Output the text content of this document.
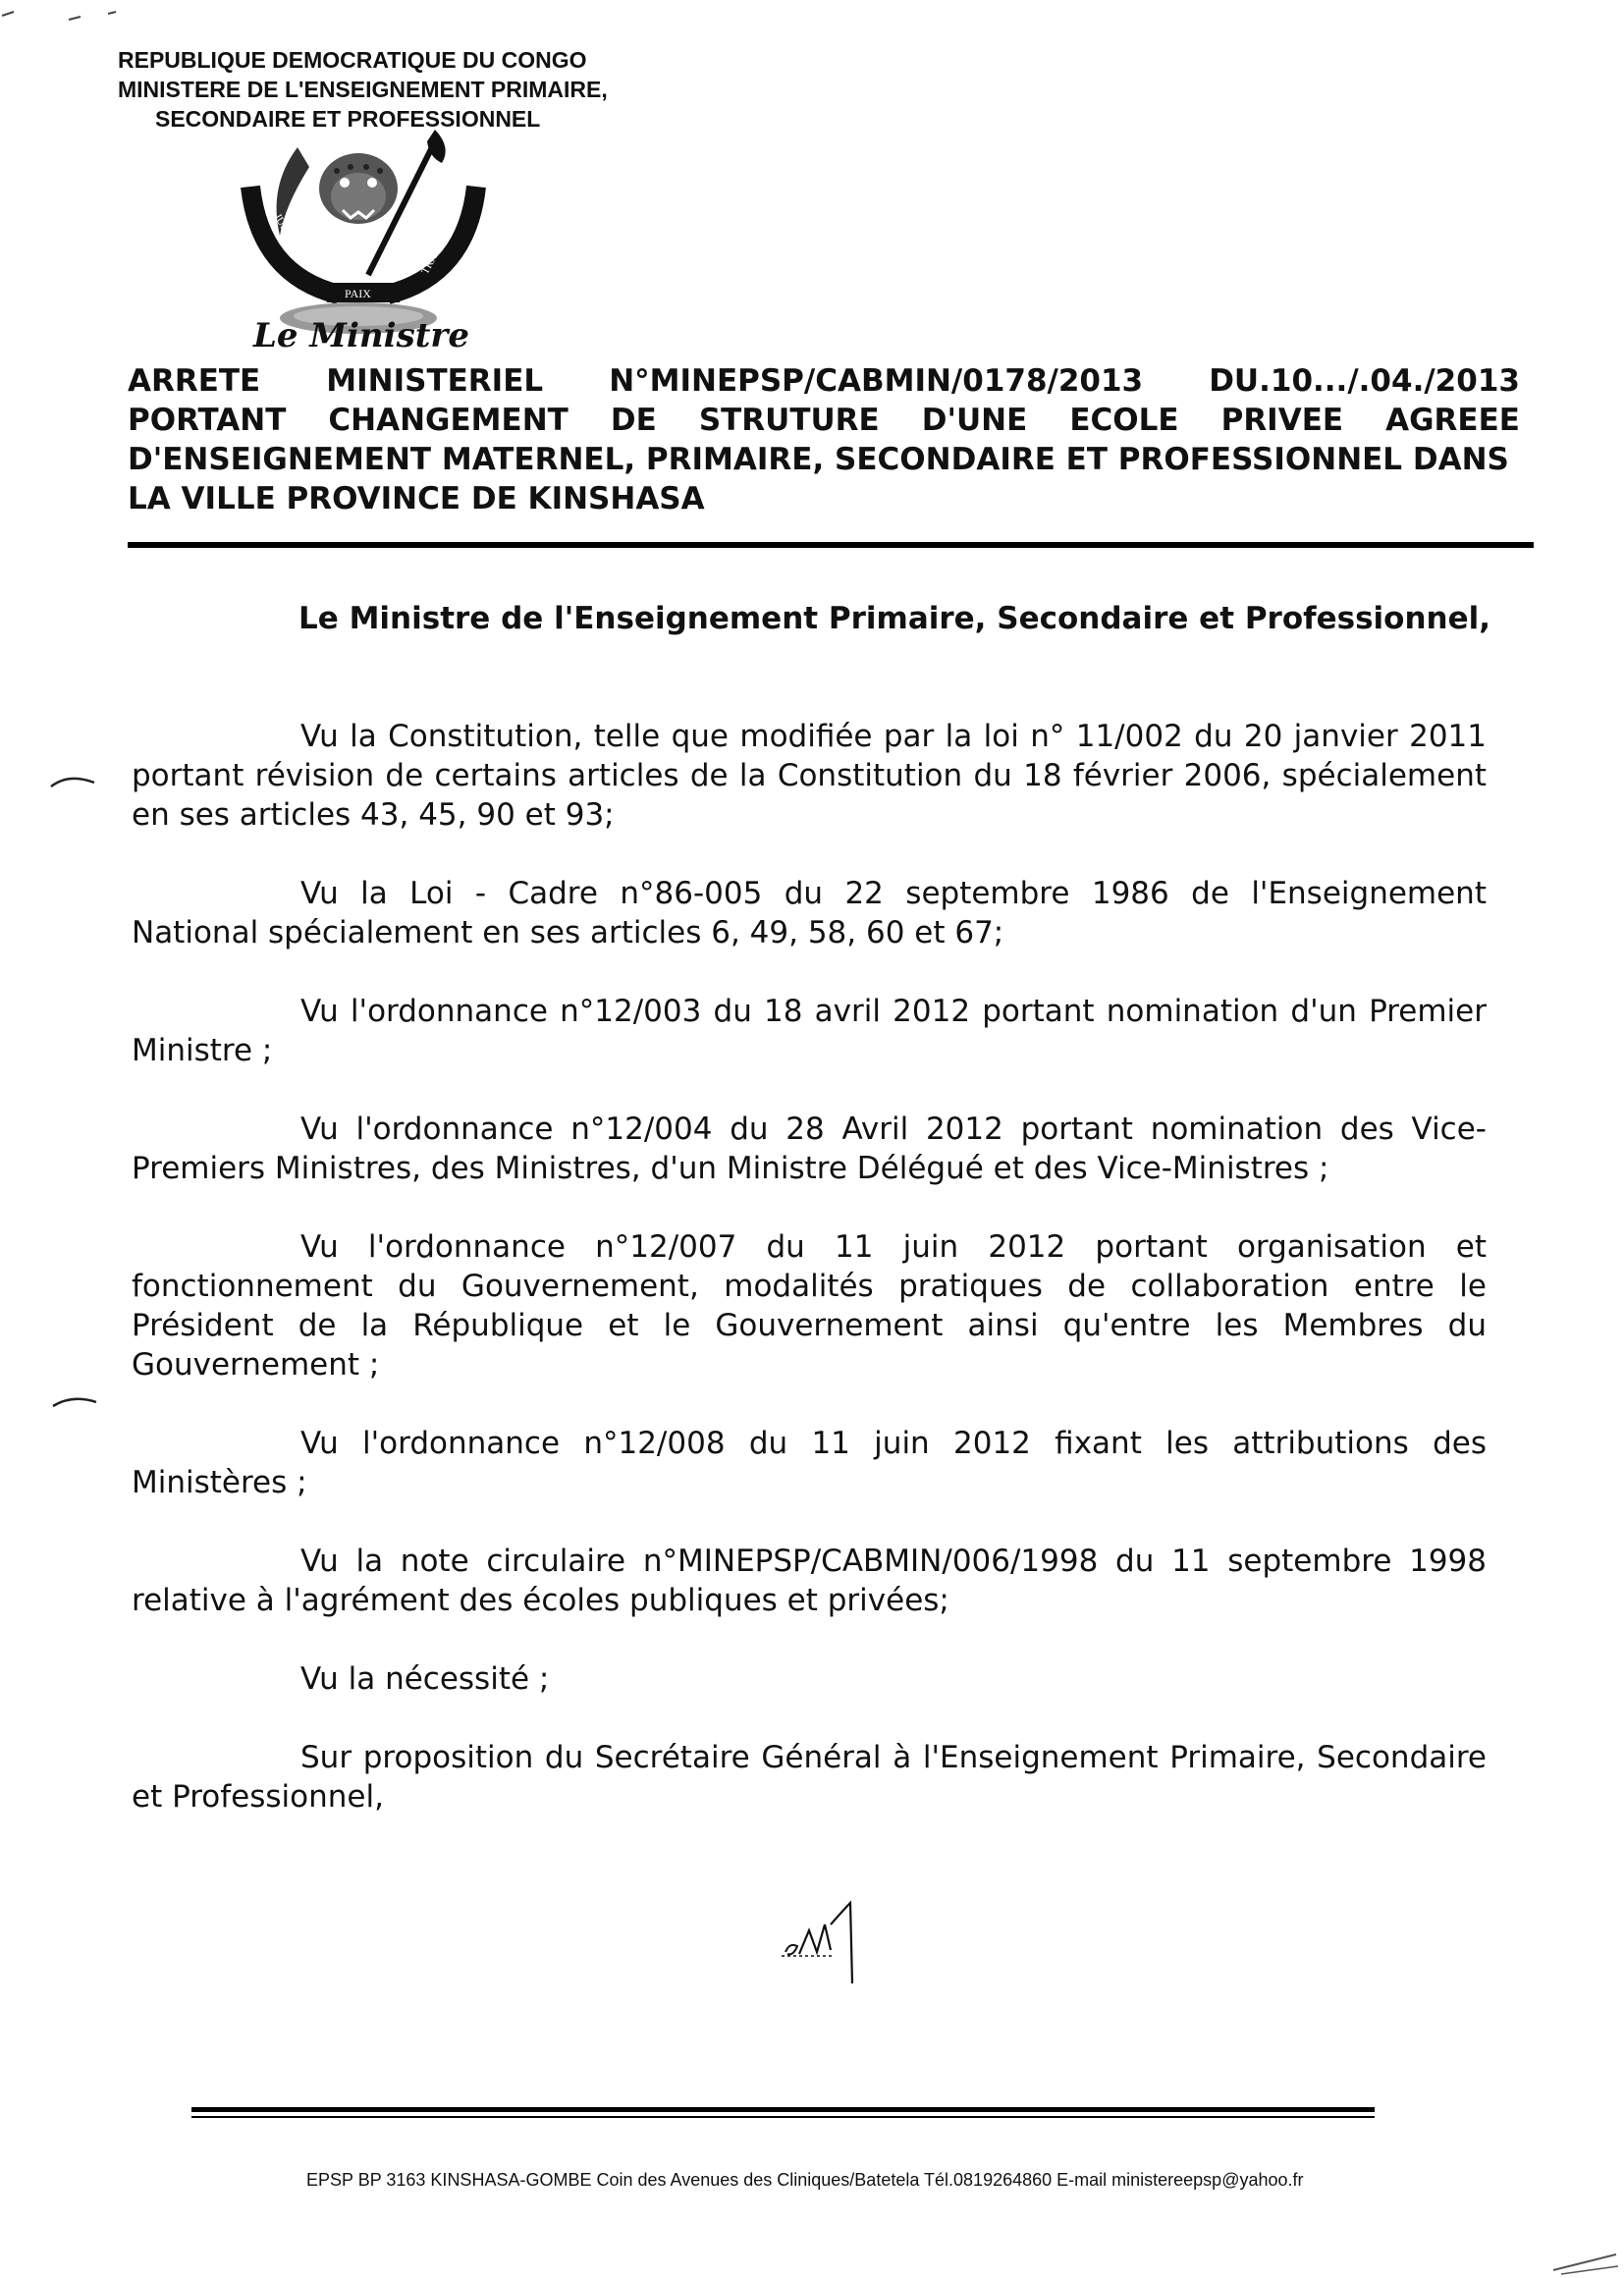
REPUBLIQUE DEMOCRATIQUE DU CONGO
MINISTERE DE L'ENSEIGNEMENT PRIMAIRE,
SECONDAIRE ET PROFESSIONNEL
JUSTICE
PAIX
TRAVAIL
Le Ministre
ARRETE MINISTERIEL N°MINEPSP/CABMIN/0178/2013 DU.10.../.04./2013
PORTANT CHANGEMENT DE STRUTURE D'UNE ECOLE PRIVEE AGREEE
D'ENSEIGNEMENT MATERNEL, PRIMAIRE, SECONDAIRE ET PROFESSIONNEL DANS
LA VILLE PROVINCE DE KINSHASA
Le Ministre de l'Enseignement Primaire, Secondaire et Professionnel,

Vu la Constitution, telle que modifiée par la loi n° 11/002 du 20 janvier 2011 portant révision de certains articles de la Constitution du 18 février 2006, spécialement en ses articles 43, 45, 90 et 93;

Vu la Loi - Cadre n°86-005 du 22 septembre 1986 de l'Enseignement National spécialement en ses articles 6, 49, 58, 60 et 67;

Vu l'ordonnance n°12/003 du 18 avril 2012 portant nomination d'un Premier Ministre ;

Vu l'ordonnance n°12/004 du 28 Avril 2012 portant nomination des Vice-Premiers Ministres, des Ministres, d'un Ministre Délégué et des Vice-Ministres ;

Vu l'ordonnance n°12/007 du 11 juin 2012 portant organisation et fonctionnement du Gouvernement, modalités pratiques de collaboration entre le Président de la République et le Gouvernement ainsi qu'entre les Membres du Gouvernement ;

Vu l'ordonnance n°12/008 du 11 juin 2012 fixant les attributions des Ministères ;

Vu la note circulaire n°MINEPSP/CABMIN/006/1998 du 11 septembre 1998 relative à l'agrément des écoles publiques et privées;

Vu la nécessité ;

Sur proposition du Secrétaire Général à l'Enseignement Primaire, Secondaire et Professionnel,

EPSP BP 3163 KINSHASA-GOMBE Coin des Avenues des Cliniques/Batetela Tél.0819264860 E-mail ministereepsp@yahoo.fr
